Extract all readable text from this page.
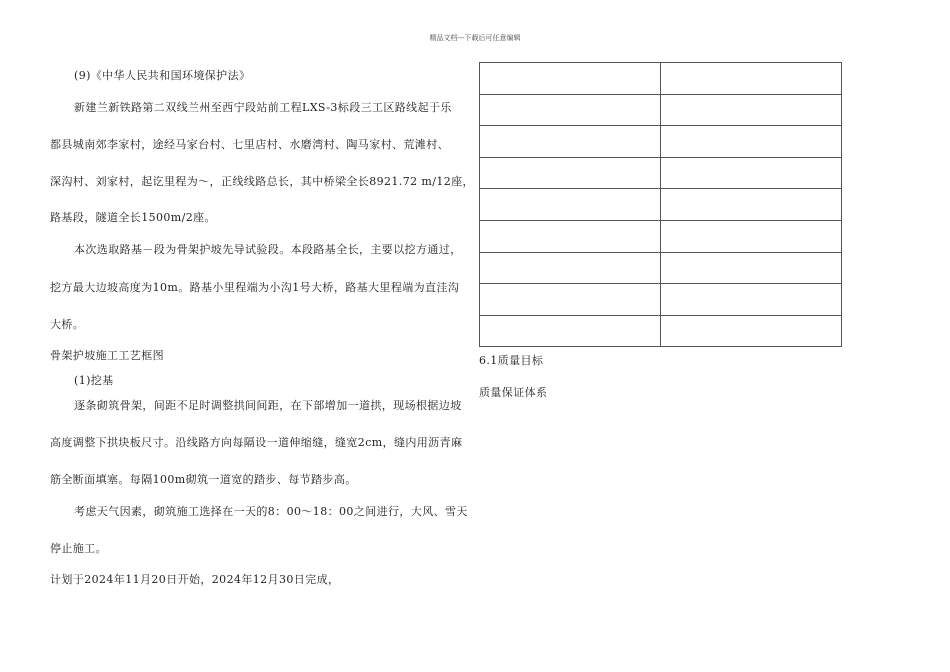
精品文档---下载后可任意编辑
(9)《中华人民共和国环境保护法》
新建兰新铁路第二双线兰州至西宁段站前工程LXS-3标段三工区路线起于乐
都县城南郊李家村，途经马家台村、七里店村、水磨湾村、陶马家村、荒滩村、
深沟村、刘家村，起讫里程为～，正线线路总长，其中桥梁全长8921.72 m/12座，
路基段，隧道全长1500m/2座。
本次选取路基－段为骨架护坡先导试验段。本段路基全长，主要以挖方通过，
挖方最大边坡高度为10m。路基小里程端为小沟1号大桥，路基大里程端为直洼沟
大桥。
骨架护坡施工工艺框图
(1)挖基
逐条砌筑骨架，间距不足时调整拱间间距，在下部增加一道拱，现场根据边坡
高度调整下拱块板尺寸。沿线路方向每隔设一道伸缩缝，缝宽2cm，缝内用沥青麻
筋全断面填塞。每隔100m砌筑一道宽的踏步、每节踏步高。
考虑天气因素，砌筑施工选择在一天的8：00～18：00之间进行，大风、雪天
停止施工。
计划于2024年11月20日开始，2024年12月30日完成，

6.1质量目标
质量保证体系
